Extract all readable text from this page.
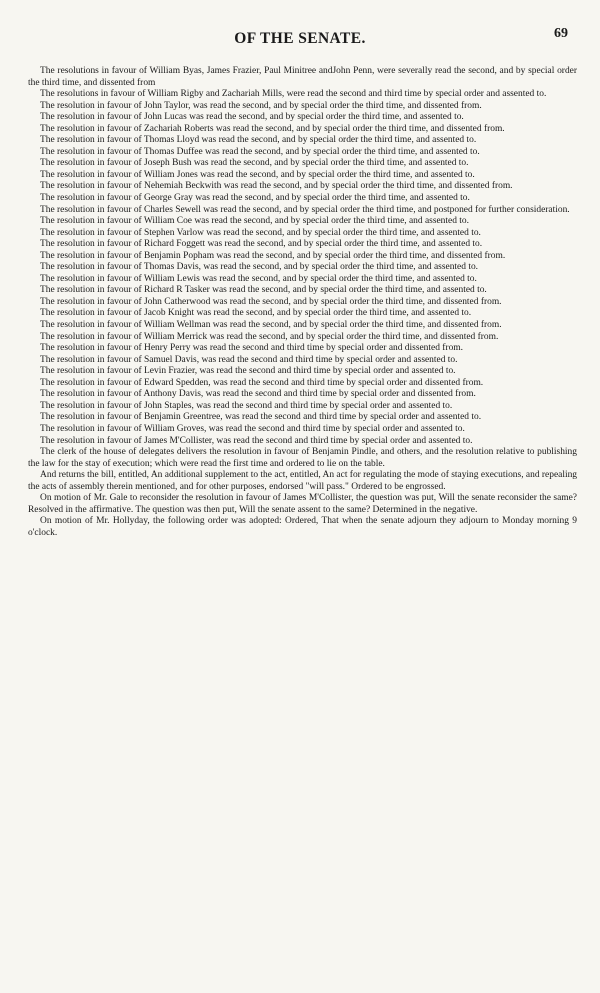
OF THE SENATE.	69

The resolutions in favour of William Byas, James Frazier, Paul Minitree andJohn Penn, were severally read the second, and by special order the third time, and dissented from

The resolutions in favour of William Rigby and Zachariah Mills, were read the second and third time by special order and assented to.

The resolution in favour of John Taylor, was read the second, and by special order the third time, and dissented from.

The resolution in favour of John Lucas was read the second, and by special order the third time, and assented to.

The resolution in favour of Zachariah Roberts was read the second, and by special order the third time, and dissented from.

The resolution in favour of Thomas Lloyd was read the second, and by special order the third time, and assented to.

The resolution in favour of Thomas Duffee was read the second, and by special order the third time, and assented to.

The resolution in favour of Joseph Bush was read the second, and by special order the third time, and assented to.

The resolution in favour of William Jones was read the second, and by special order the third time, and assented to.

The resolution in favour of Nehemiah Beckwith was read the second, and by special order the third time, and dissented from.

The resolution in favour of George Gray was read the second, and by special order the third time, and assented to.

The resolution in favour of Charles Sewell was read the second, and by special order the third time, and postponed for further consideration.

The resolution in favour of William Coe was read the second, and by special order the third time, and assented to.

The resolution in favour of Stephen Varlow was read the second, and by special order the third time, and assented to.

The resolution in favour of Richard Foggett was read the second, and by special order the third time, and assented to.

The resolution in favour of Benjamin Popham was read the second, and by special order the third time, and dissented from.

The resolution in favour of Thomas Davis, was read the second, and by special order the third time, and assented to.

The resolution in favour of William Lewis was read the second, and by special order the third time, and assented to.

The resolution in favour of Richard R Tasker was read the second, and by special order the third time, and assented to.

The resolution in favour of John Catherwood was read the second, and by special order the third time, and dissented from.

The resolution in favour of Jacob Knight was read the second, and by special order the third time, and assented to.

The resolution in favour of William Wellman was read the second, and by special order the third time, and dissented from.

The resolution in favour of William Merrick was read the second, and by special order the third time, and dissented from.

The resolution in favour of Henry Perry was read the second and third time by special order and dissented from.

The resolution in favour of Samuel Davis, was read the second and third time by special order and assented to.

The resolution in favour of Levin Frazier, was read the second and third time by special order and assented to.

The resolution in favour of Edward Spedden, was read the second and third time by special order and dissented from.

The resolution in favour of Anthony Davis, was read the second and third time by special order and dissented from.

The resolution in favour of John Staples, was read the second and third time by special order and assented to.

The resolution in favour of Benjamin Greentree, was read the second and third time by special order and assented to.

The resolution in favour of William Groves, was read the second and third time by special order and assented to.

The resolution in favour of James M'Collister, was read the second and third time by special order and assented to.

The clerk of the house of delegates delivers the resolution in favour of Benjamin Pindle, and others, and the resolution relative to publishing the law for the stay of execution; which were read the first time and ordered to lie on the table.

And returns the bill, entitled, An additional supplement to the act, entitled, An act for regulating the mode of staying executions, and repealing the acts of assembly therein mentioned, and for other purposes, endorsed "will pass." Ordered to be engrossed.

On motion of Mr. Gale to reconsider the resolution in favour of James M'Collister, the question was put, Will the senate reconsider the same? Resolved in the affirmative. The question was then put, Will the senate assent to the same? Determined in the negative.

On motion of Mr. Hollyday, the following order was adopted: Ordered, That when the senate adjourn they adjourn to Monday morning 9 o'clock.
